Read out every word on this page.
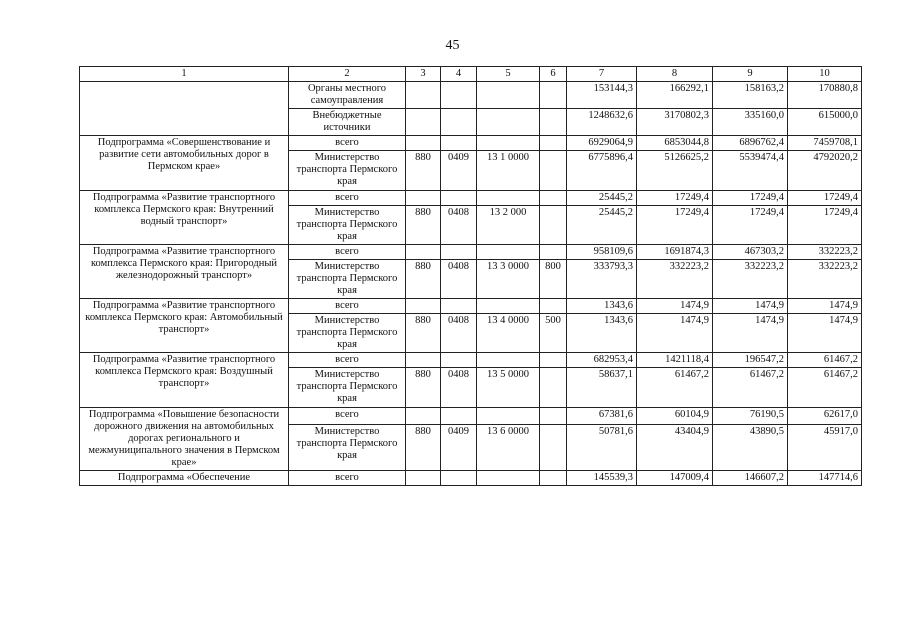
45
1	2	3	4	5	6	7	8	9	10
	Органы местного самоуправления					153144,3	166292,1	158163,2	170880,8
	Внебюджетные источники					1248632,6	3170802,3	335160,0	615000,0
Подпрограмма «Совершенствование и развитие сети автомобильных дорог в Пермском крае»	всего					6929064,9	6853044,8	6896762,4	7459708,1
	Министерство транспорта Пермского края	880	0409	13 1 0000		6775896,4	5126625,2	5539474,4	4792020,2
Подпрограмма «Развитие транспортного комплекса Пермского края: Внутренний водный транспорт»	всего					25445,2	17249,4	17249,4	17249,4
	Министерство транспорта Пермского края	880	0408	13 2 000		25445,2	17249,4	17249,4	17249,4
Подпрограмма «Развитие транспортного комплекса Пермского края: Пригородный железнодорожный транспорт»	всего					958109,6	1691874,3	467303,2	332223,2
	Министерство транспорта Пермского края	880	0408	13 3 0000	800	333793,3	332223,2	332223,2	332223,2
Подпрограмма «Развитие транспортного комплекса Пермского края: Автомобильный транспорт»	всего					1343,6	1474,9	1474,9	1474,9
	Министерство транспорта Пермского края	880	0408	13 4 0000	500	1343,6	1474,9	1474,9	1474,9
Подпрограмма «Развитие транспортного комплекса Пермского края: Воздушный транспорт»	всего					682953,4	1421118,4	196547,2	61467,2
	Министерство транспорта Пермского края	880	0408	13 5 0000		58637,1	61467,2	61467,2	61467,2
Подпрограмма «Повышение безопасности дорожного движения на автомобильных дорогах регионального и межмуниципального значения в Пермском крае»	всего					67381,6	60104,9	76190,5	62617,0
	Министерство транспорта Пермского края	880	0409	13 6 0000		50781,6	43404,9	43890,5	45917,0
Подпрограмма «Обеспечение	всего					145539,3	147009,4	146607,2	147714,6
